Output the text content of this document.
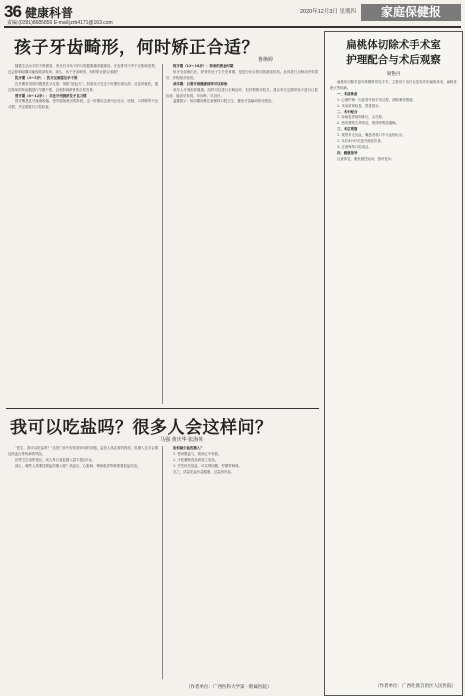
36 健康科普
责编:(0391)8685850 E-mail:jzrb4171@163.com
2020年12月3日 星期四	家庭保健报
孩子牙齿畸形，何时矫正合适？
鲁焕婷

随着生活水平的不断提高，家长们对孩子的口腔健康越来越重视。牙齿排列不齐不仅影响美观，还会影响咀嚼功能和面部发育。那么，孩子牙齿畸形，何时矫正最合适呢？

乳牙期（3～5岁）：乳牙反颌需及早干预

乳牙期常见的问题是乳牙反颌，俗称“地包天”。如果孩子在这个时期出现反颌，应及时就医，通过简单的矫治器进行早期干预，以免影响颌骨的正常发育。

替牙期（6～12岁）：关注牙列拥挤及不良习惯

替牙期是乳牙逐渐脱落、恒牙陆续萌出的阶段。这一时期应注意纠正吐舌、咬唇、口呼吸等不良习惯，并定期进行口腔检查。

恒牙期（12～18岁）：矫治的黄金时期

恒牙全部萌出后，颌骨仍处于生长发育期，是进行综合矫治的最佳时机。此时进行正畸治疗效果好、疗程相对较短。

成年期：只要牙周健康同样可以矫治

成年人牙周组织健康，同样可以进行正畸治疗，但疗程相对较长。建议家长定期带孩子进行口腔检查，做到早发现、早诊断、早治疗。

温馨提示：矫治期间要注意保持口腔卫生，避免牙齿龋坏和牙龈炎。

扁桃体切除术手术室
护理配合与术后观察
梁艳丹

扁桃体切除术是耳鼻喉科常见手术，主要用于治疗反复发作的扁桃体炎、扁桃体肥大等疾病。

一、术前准备

1. 心理护理：向患者介绍手术过程，消除紧张情绪。

2. 术前常规检查，禁食禁水。

二、术中配合

1. 协助患者取仰卧位，头后仰。

2. 密切观察生命体征，保持呼吸道通畅。

三、术后观察

1. 观察有无出血，嘱患者将口中分泌物吐出。

2. 术后4小时可进冷流质饮食。

3. 注意保持口腔清洁。

四、健康指导

注意休息，避免剧烈运动，按时复诊。

（作者单位：广西壮族自治区人民医院）
我可以吃盐吗？很多人会这样问？
马强 黄庆华 张海英

“医生，我可以吃盐吗？”这是门诊中经常被问到的问题。盐是人体必需的物质，但摄入过多会增加高血压等疾病的风险。

世界卫生组织建议，成人每日食盐摄入量不超过5克。

那么，哪些人需要控制盐的摄入呢？高血压、心脏病、肾病患者等都需要低盐饮食。

如何减少盐的摄入？

1. 使用限盐勺，做到心中有数。

2. 少吃腌制食品和加工食品。

3. 烹饪时后放盐，可以利用醋、柠檬等调味。

总之，适量吃盐有益健康，过量则有害。

（作者单位：广西医科大学第一附属医院）
